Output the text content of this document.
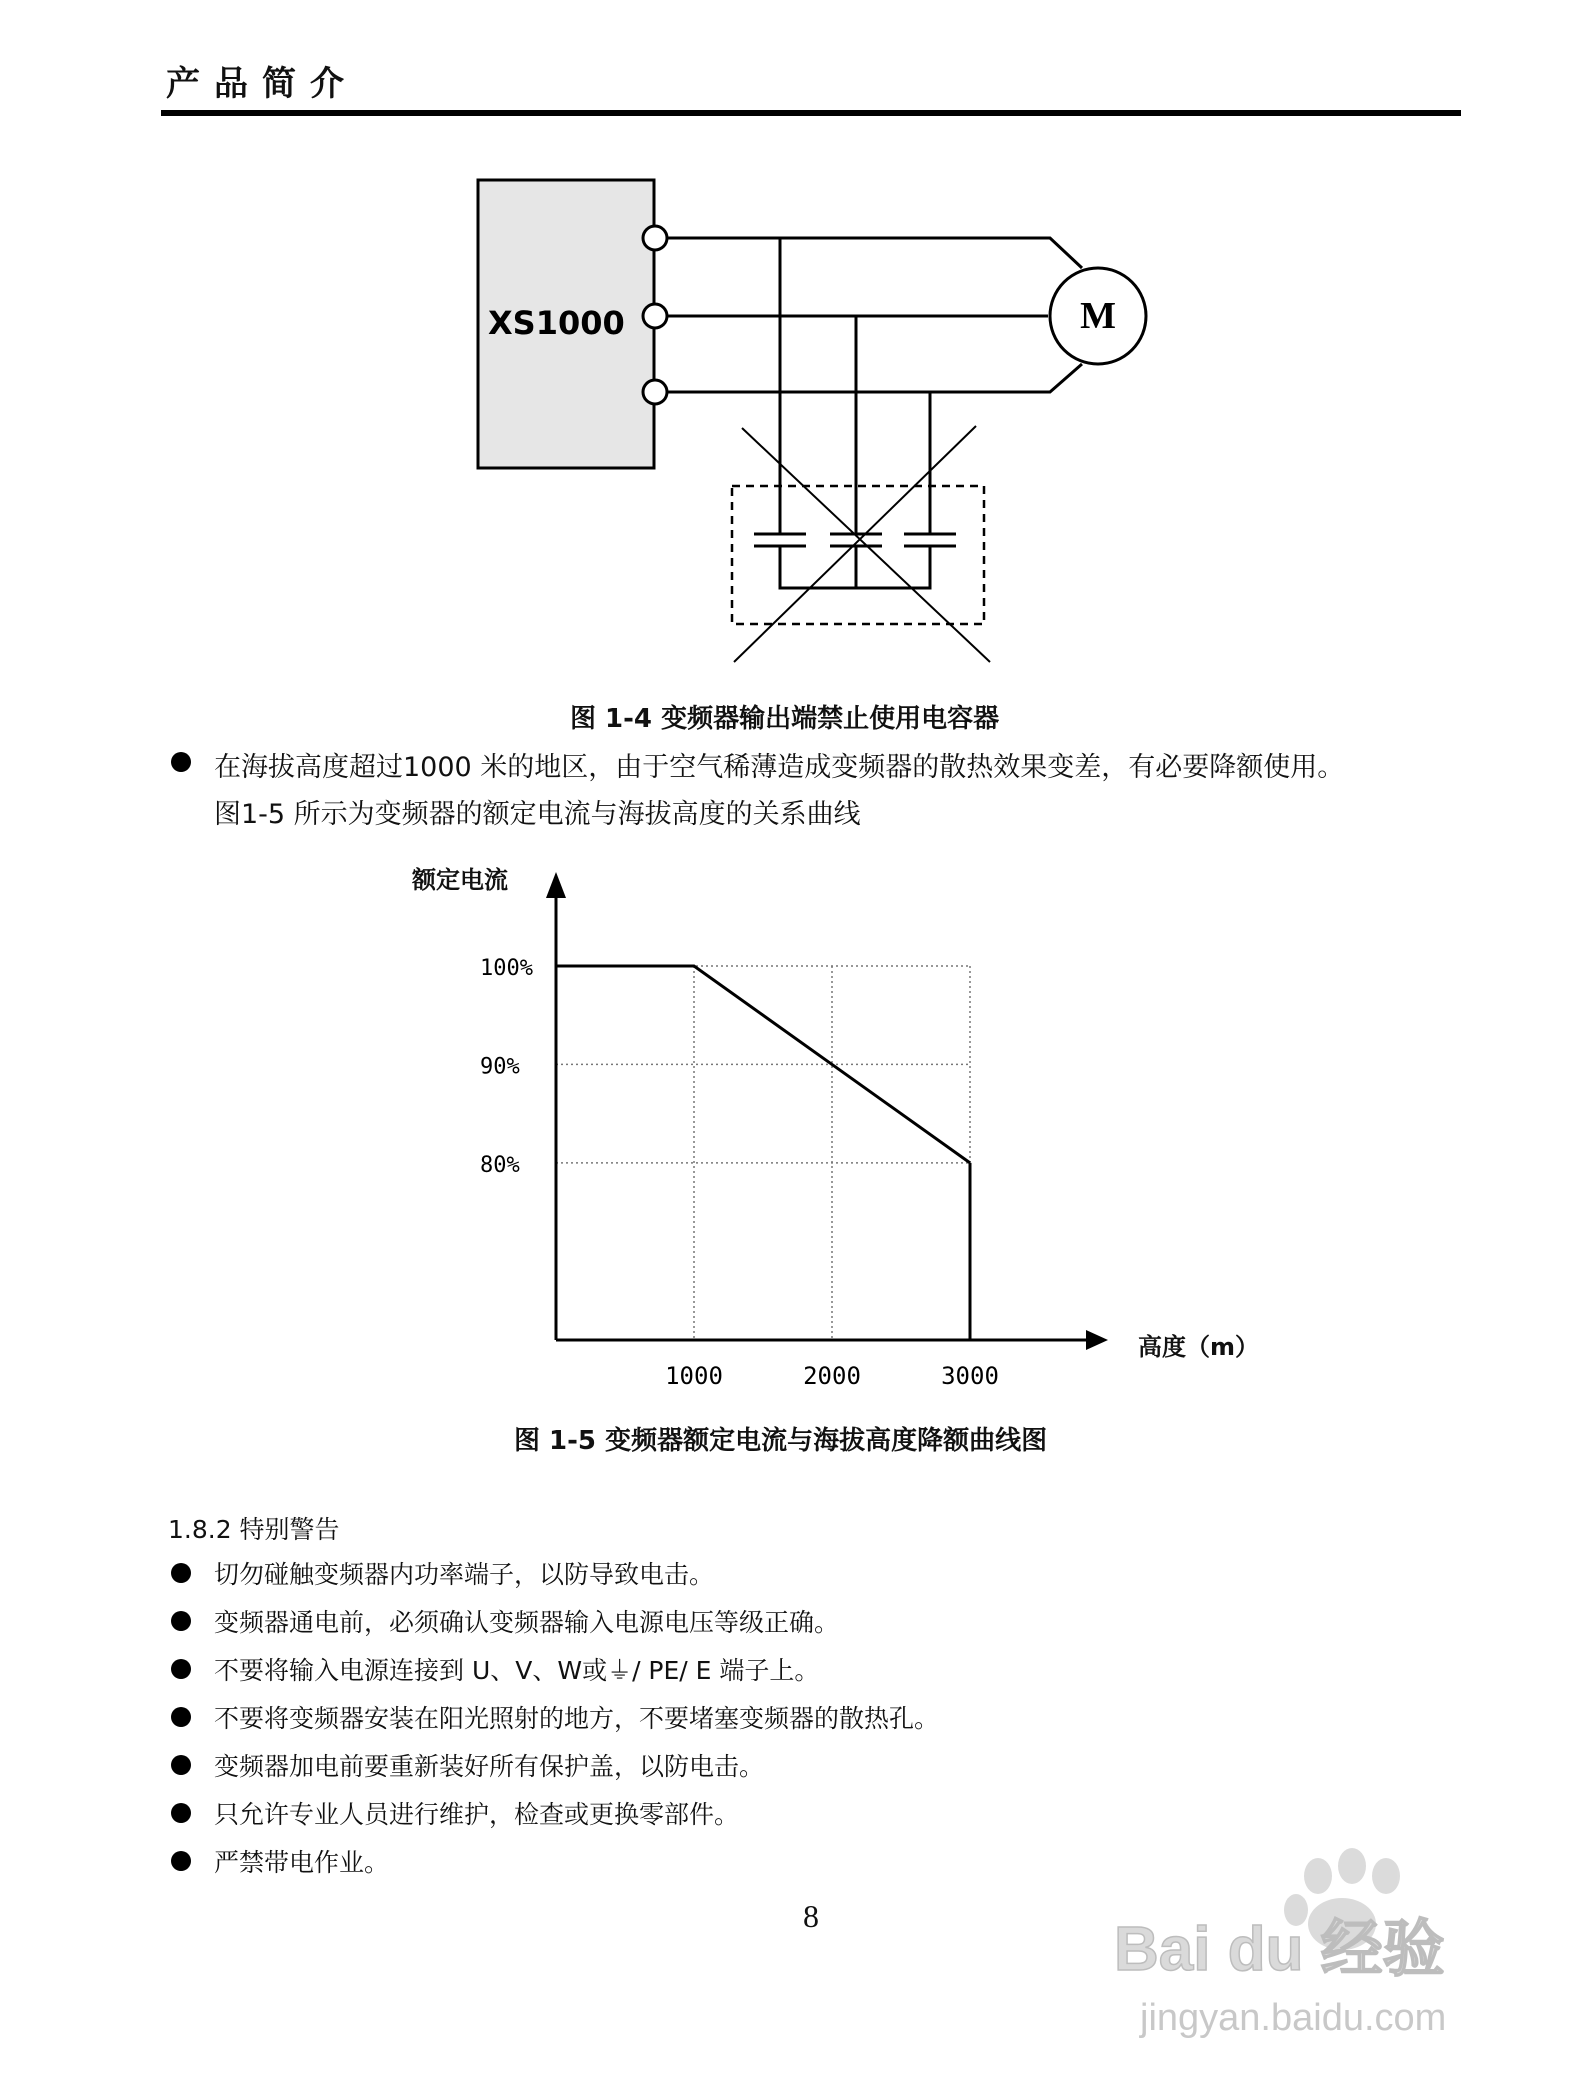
产品简介
XS1000	M
图 1-4 变频器输出端禁止使用电容器
在海拔高度超过1000 米的地区，由于空气稀薄造成变频器的散热效果变差，有必要降额使用。
图1-5 所示为变频器的额定电流与海拔高度的关系曲线
额定电流
高度（m）
100%
90%
80%
1000	2000	3000
图 1-5 变频器额定电流与海拔高度降额曲线图
1.8.2 特别警告
切勿碰触变频器内功率端子，以防导致电击。
变频器通电前，必须确认变频器输入电源电压等级正确。
不要将输入电源连接到 U、V、W或⏚/ PE/ E 端子上。
不要将变频器安装在阳光照射的地方，不要堵塞变频器的散热孔。
变频器加电前要重新装好所有保护盖，以防电击。
只允许专业人员进行维护，检查或更换零部件。
严禁带电作业。
8	Bai du 经验
jingyan.baidu.com
